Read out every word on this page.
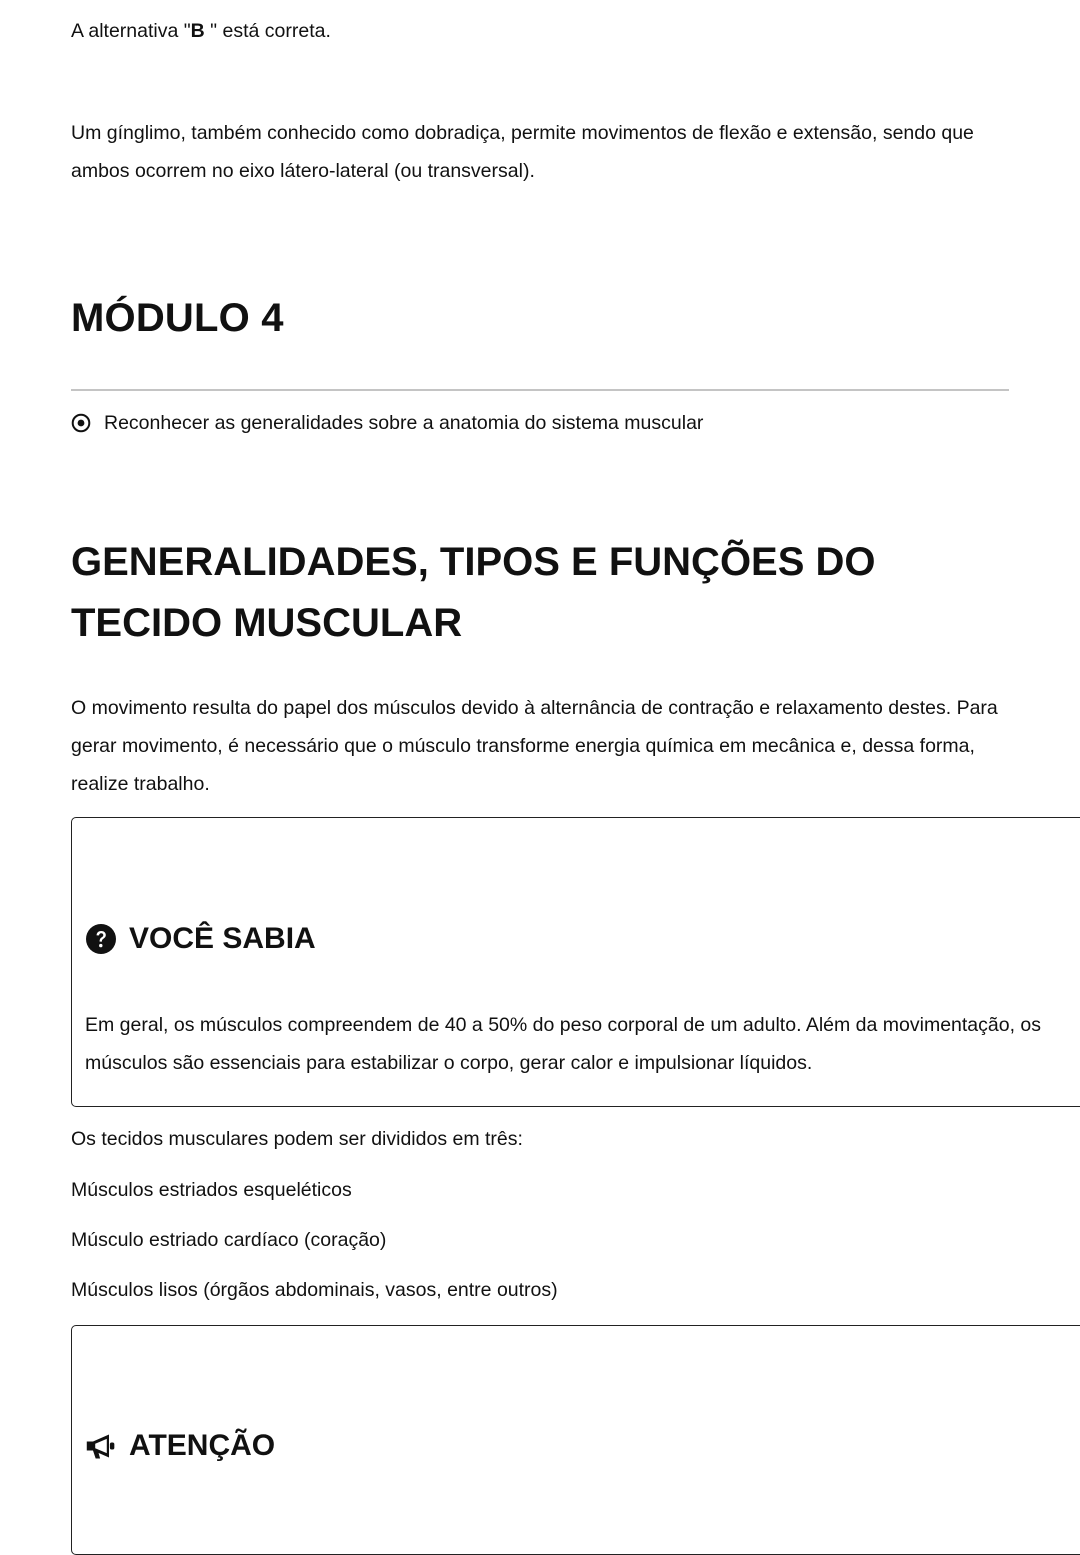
A alternativa "B " está correta.

Um gínglimo, também conhecido como dobradiça, permite movimentos de flexão e extensão, sendo que ambos ocorrem no eixo látero-lateral (ou transversal).

MÓDULO 4
Reconhecer as generalidades sobre a anatomia do sistema muscular
GENERALIDADES, TIPOS E FUNÇÕES DO TECIDO MUSCULAR

O movimento resulta do papel dos músculos devido à alternância de contração e relaxamento destes. Para gerar movimento, é necessário que o músculo transforme energia química em mecânica e, dessa forma, realize trabalho.

VOCÊ SABIA

Em geral, os músculos compreendem de 40 a 50% do peso corporal de um adulto. Além da movimentação, os músculos são essenciais para estabilizar o corpo, gerar calor e impulsionar líquidos.

Os tecidos musculares podem ser divididos em três:

Músculos estriados esqueléticos

Músculo estriado cardíaco (coração)

Músculos lisos (órgãos abdominais, vasos, entre outros)

ATENÇÃO
